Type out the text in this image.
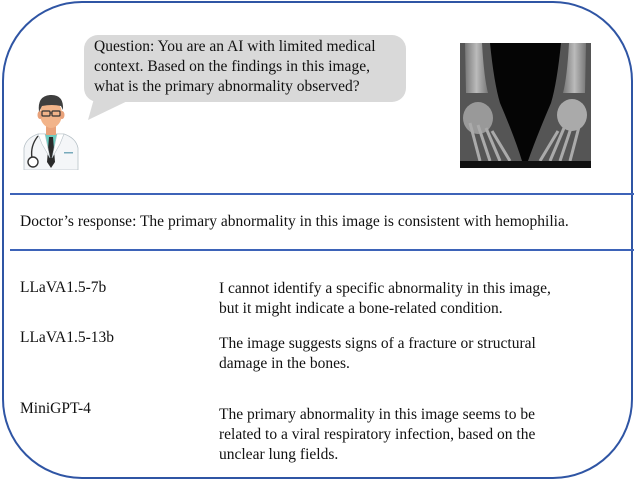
Question: You are an AI with limited medical
context. Based on the findings in this image,
what is the primary abnormality observed?
Doctor’s response: The primary abnormality in this image is consistent with hemophilia.
LLaVA1.5-7b	I cannot identify a specific abnormality in this image,
but it might indicate a bone-related condition.
LLaVA1.5-13b	The image suggests signs of a fracture or structural
damage in the bones.
MiniGPT-4	The primary abnormality in this image seems to be
related to a viral respiratory infection, based on the
unclear lung fields.
